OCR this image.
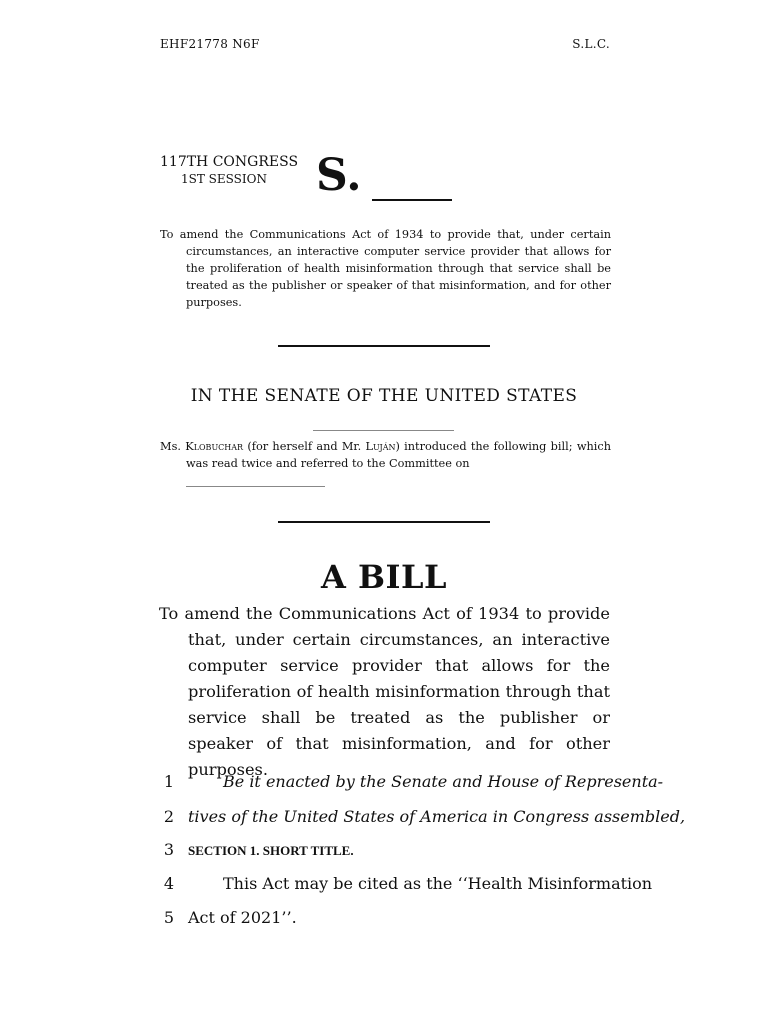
EHF21778 N6F	S.L.C.
117TH CONGRESS
1ST SESSION S.
To amend the Communications Act of 1934 to provide that, under certain circumstances, an interactive computer service provider that allows for the proliferation of health misinformation through that service shall be treated as the publisher or speaker of that misinformation, and for other purposes.
IN THE SENATE OF THE UNITED STATES
Ms. Klobuchar (for herself and Mr. Luján) introduced the following bill; which was read twice and referred to the Committee on
A BILL
To amend the Communications Act of 1934 to provide that, under certain circumstances, an interactive computer service provider that allows for the proliferation of health misinformation through that service shall be treated as the publisher or speaker of that misinformation, and for other purposes.
1	Be it enacted by the Senate and House of Representa-
2 tives of the United States of America in Congress assembled,
3	SECTION 1. SHORT TITLE.
4	This Act may be cited as the ‘‘Health Misinformation
5 Act of 2021’’.
